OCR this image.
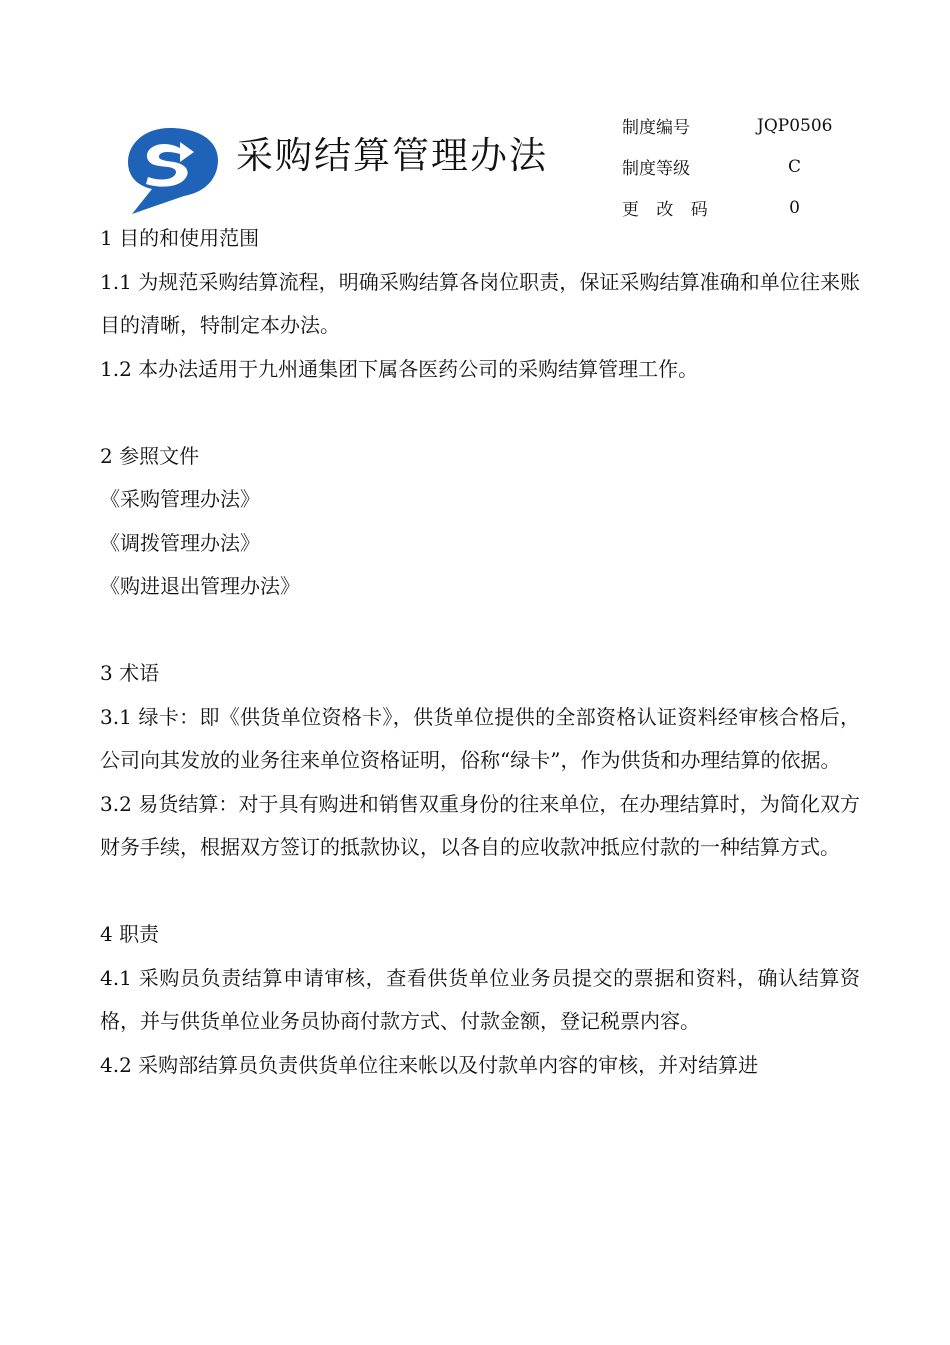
采购结算管理办法
制度编号	JQP0506
制度等级	C
更 改 码	0

1 目的和使用范围

1.1 为规范采购结算流程，明确采购结算各岗位职责，保证采购结算准确和单位往来账目的清晰，特制定本办法。

1.2 本办法适用于九州通集团下属各医药公司的采购结算管理工作。

2 参照文件

《采购管理办法》

《调拨管理办法》

《购进退出管理办法》

3 术语

3.1 绿卡：即《供货单位资格卡》，供货单位提供的全部资格认证资料经审核合格后，公司向其发放的业务往来单位资格证明，俗称“绿卡”，作为供货和办理结算的依据。

3.2 易货结算：对于具有购进和销售双重身份的往来单位，在办理结算时，为简化双方财务手续，根据双方签订的抵款协议，以各自的应收款冲抵应付款的一种结算方式。

4 职责

4.1 采购员负责结算申请审核，查看供货单位业务员提交的票据和资料，确认结算资格，并与供货单位业务员协商付款方式、付款金额，登记税票内容。

4.2 采购部结算员负责供货单位往来帐以及付款单内容的审核，并对结算进
